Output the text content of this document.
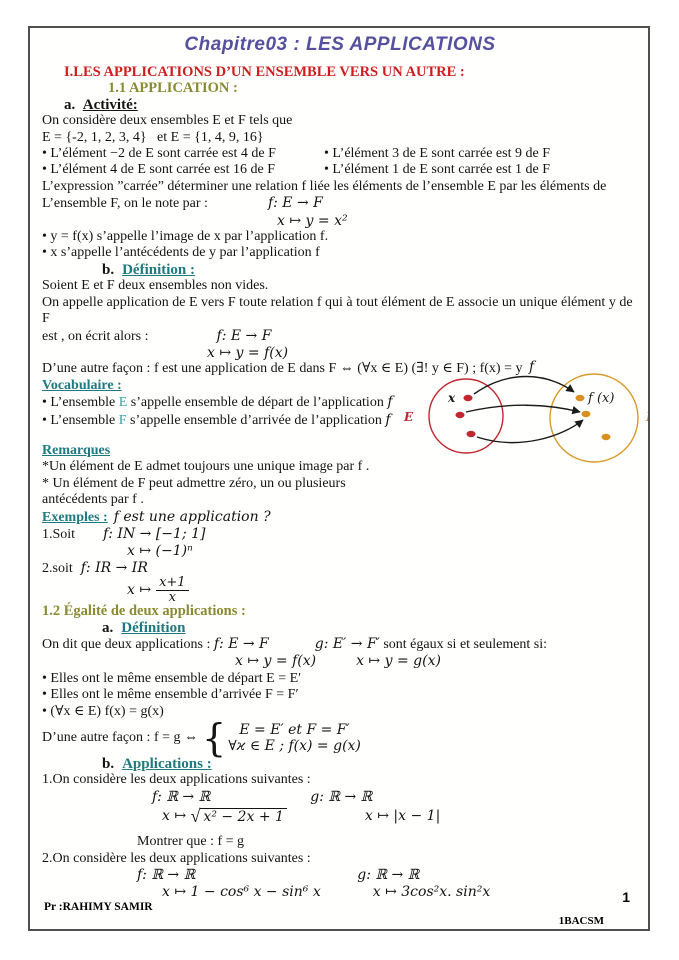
Chapitre03 : LES APPLICATIONS
I.LES APPLICATIONS D’UN ENSEMBLE VERS UN AUTRE :
1.1 APPLICATION :
a. Activité:
On considère deux ensembles E et F tels que
E = {-2, 1, 2, 3, 4}   et E = {1, 4, 9, 16}
• L’élément −2 de E sont carrée est 4 de F	• L’élément 3 de E sont carrée est 9 de F
• L’élément 4 de E sont carrée est 16 de F	• L’élément 1 de E sont carrée est 1 de F
L’expression ”carrée” déterminer une relation f liée les éléments de l’ensemble E par les éléments de
L’ensemble F, on le note par :	f: E → F
x ↦ y = x²
• y = f(x) s’appelle l’image de x par l’application f.
• x s’appelle l’antécédents de y par l’application f
b. Définition :
Soient E et F deux ensembles non vides.
On appelle application de E vers F toute relation f qui à tout élément de E associe un unique élément y de F
est , on écrit alors :	f: E → F
x ↦ y = f(x)
D’une autre façon : f est une application de E dans F ⇔ (∀x ∈ E) (∃! y ∈ F) ; f(x) = y
Vocabulaire :
• L’ensemble E s’appelle ensemble de départ de l’application f
• L’ensemble F s’appelle ensemble d’arrivée de l’application f
Remarques
*Un élément de E admet toujours une unique image par f .
* Un élément de F peut admettre zéro, un ou plusieurs
antécédents par f .
Exemples : f est une application ?
1.Soit f: IN → [−1; 1]
x ↦ (−1)ⁿ
2.soit f: IR → IR
x ↦ $\frac{x+1}{x}$
1.2 Égalité de deux applications :
a. Définition
On dit que deux applications : f: E → F	g: E′ → F′ sont égaux si et seulement si:
x ↦ y = f(x)	x ↦ y = g(x)
• Elles ont le même ensemble de départ E = E′
• Elles ont le même ensemble d’arrivée F = F′
• (∀x ∈ E) f(x) = g(x)
D’une autre façon : f = g ⇔ { E = E′ et F = F′
∀ϰ ∈ E ; f(x) = g(x)
b. Applications :
1.On considère les deux applications suivantes :
f: ℝ → ℝ	g: ℝ → ℝ
x ↦ √ x² − 2x + 1	x ↦ |x − 1|
Montrer que : f = g
2.On considère les deux applications suivantes :
f: ℝ → ℝ	g: ℝ → ℝ
x ↦ 1 − cos⁶ x − sin⁶ x	x ↦ 3cos²x. sin²x
f
E	F
x	f (x)
Pr :RAHIMY SAMIR
1
1BACSM
